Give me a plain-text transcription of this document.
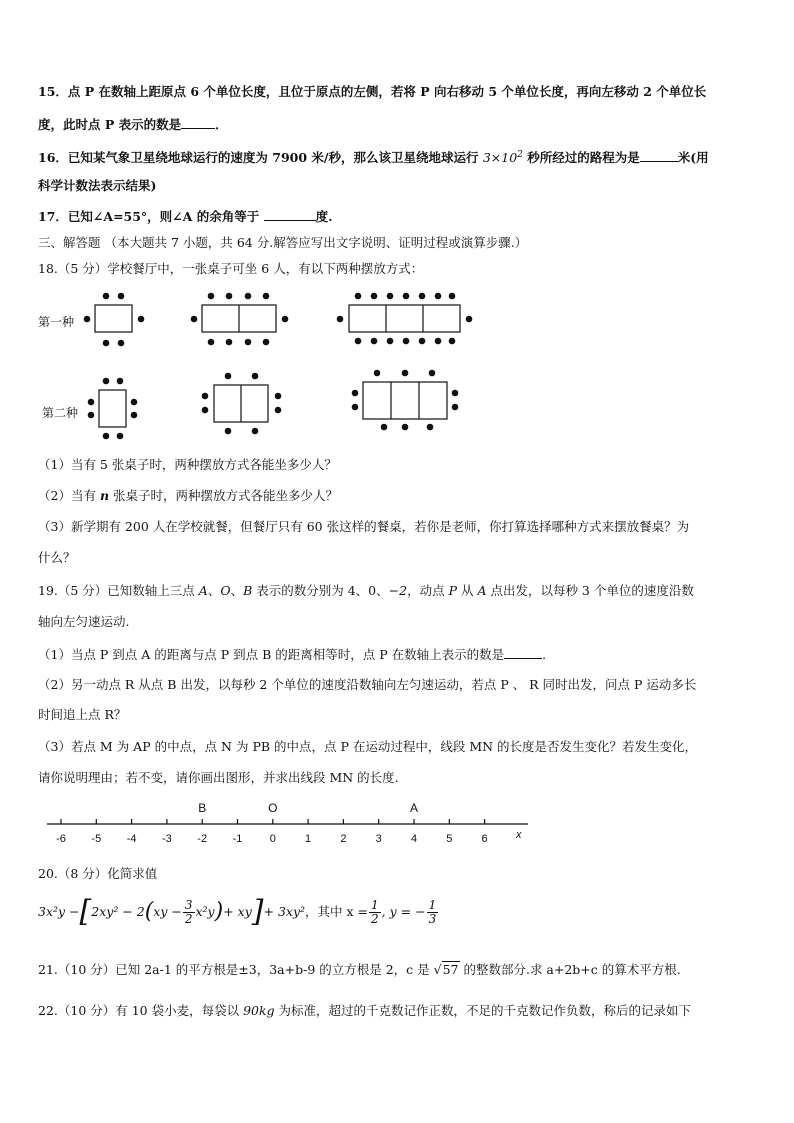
15．点 P 在数轴上距原点 6 个单位长度，且位于原点的左侧，若将 P 向右移动 5 个单位长度，再向左移动 2 个单位长
度，此时点 P 表示的数是	．
16．已知某气象卫星绕地球运行的速度为 7900 米/秒，那么该卫星绕地球运行 $3\times 10^2$ 秒所经过的路程为是	米(用
科学计数法表示结果)
17．已知∠A=55°，则∠A 的余角等于	度.
三、解答题 （本大题共 7 小题，共 64 分.解答应写出文字说明、证明过程或演算步骤.）
18.（5 分）学校餐厅中，一张桌子可坐 6 人，有以下两种摆放方式：
第一种
第二种
（1）当有 5 张桌子时，两种摆放方式各能坐多少人？
（2）当有 n 张桌子时，两种摆放方式各能坐多少人？
（3）新学期有 200 人在学校就餐，但餐厅只有 60 张这样的餐桌，若你是老师，你打算选择哪种方式来摆放餐桌？为
什么？
19.（5 分）已知数轴上三点 A、O、B 表示的数分别为 4、0、−2，动点 P 从 A 点出发，以每秒 3 个单位的速度沿数
轴向左匀速运动.
（1）当点 P 到点 A 的距离与点 P 到点 B 的距离相等时，点 P 在数轴上表示的数是	.
（2）另一动点 R 从点 B 出发，以每秒 2 个单位的速度沿数轴向左匀速运动，若点 P 、 R 同时出发，问点 P 运动多长
时间追上点 R？
（3）若点 M 为 AP 的中点，点 N 为 PB 的中点，点 P 在运动过程中，线段 MN 的长度是否发生变化？若发生变化，
请你说明理由；若不变，请你画出图形，并求出线段 MN 的长度.
-6 -5 -4 -3 -2 -1 0	1	2	3	4	5	6
B	O	A
x
20.（8 分）化简求值
3x²y − [ 2xy² − 2 ( xy − $\frac{3}{2} x^2y$ ) + xy ] + 3xy² ，其中 $x = \frac{1}{2}$ , y = − $\frac{1}{3}$
21.（10 分）已知 2a-1 的平方根是±3，3a+b-9 的立方根是 2，c 是 √57 的整数部分.求 a+2b+c 的算术平方根.
22.（10 分）有 10 袋小麦，每袋以 90kg 为标准，超过的千克数记作正数，不足的千克数记作负数，称后的记录如下
